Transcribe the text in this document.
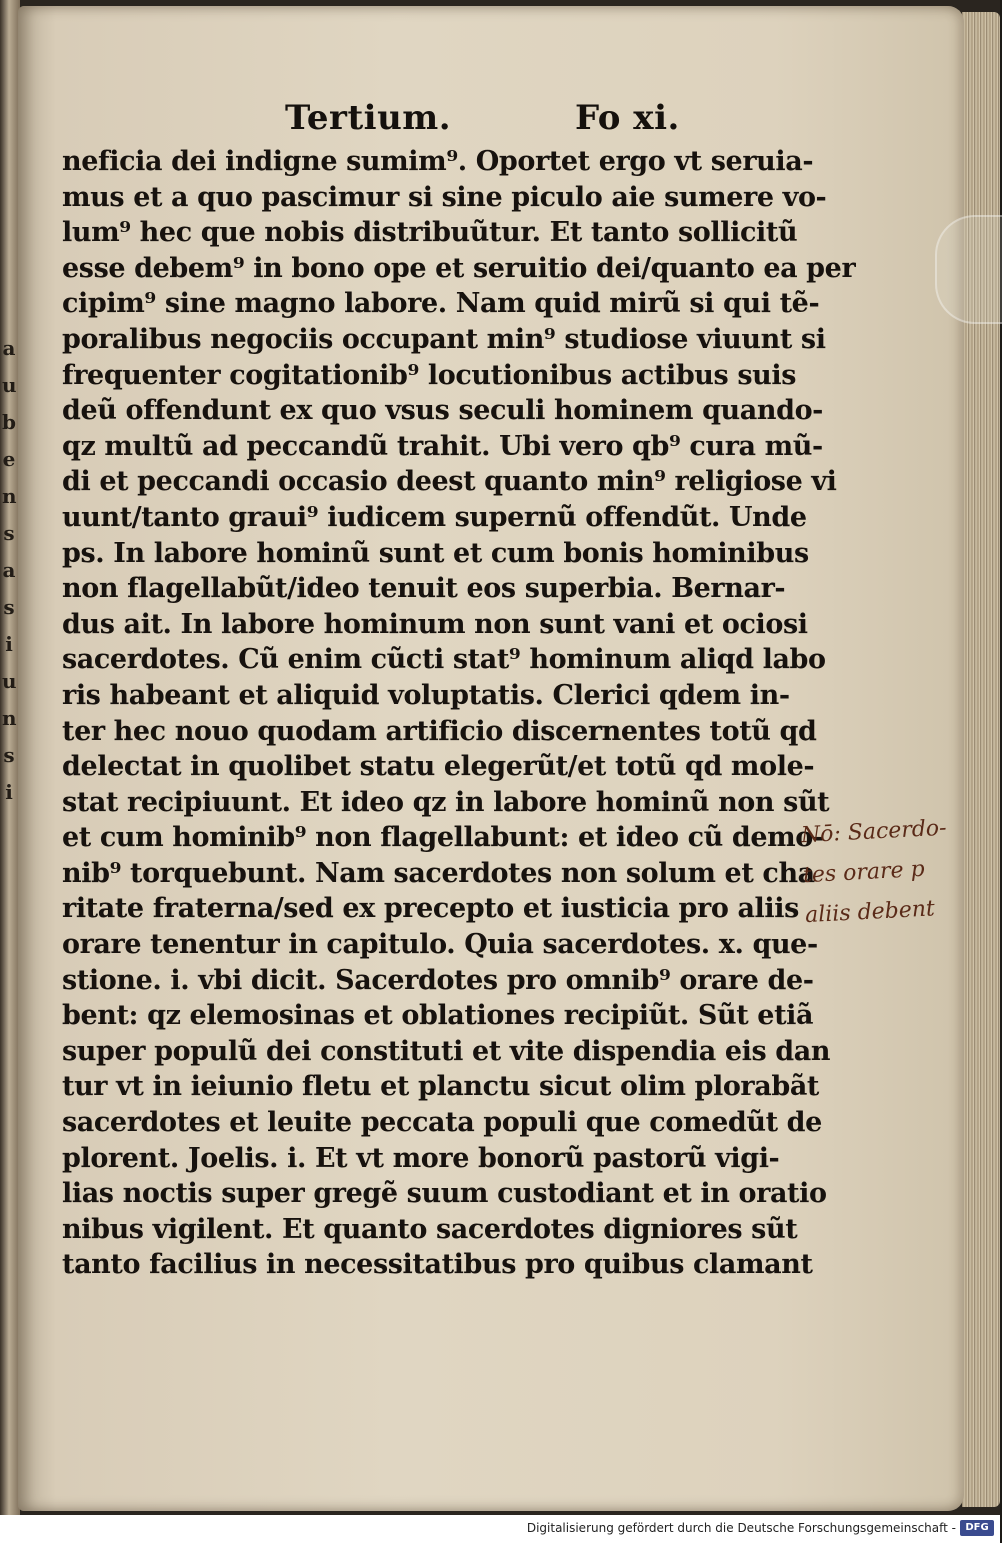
a u b e n s a s i u n s i
Tertium.	Fo xi.
neficia dei indigne sumim⁹. Oportet ergo vt seruia-
mus et a quo pascimur si sine piculo aie sumere vo-
lum⁹ hec que nobis distribuũtur. Et tanto sollicitũ
esse debem⁹ in bono ope et seruitio dei/quanto ea per
cipim⁹ sine magno labore. Nam quid mirũ si qui tẽ-
poralibus negociis occupant min⁹ studiose viuunt si
frequenter cogitationib⁹ locutionibus actibus suis
deũ offendunt ex quo vsus seculi hominem quando-
qz multũ ad peccandũ trahit. Ubi vero qb⁹ cura mũ-
di et peccandi occasio deest quanto min⁹ religiose vi
uunt/tanto graui⁹ iudicem supernũ offendũt. Unde
ps. In labore hominũ sunt et cum bonis hominibus
non flagellabũt/ideo tenuit eos superbia. Bernar-
dus ait. In labore hominum non sunt vani et ociosi
sacerdotes. Cũ enim cũcti stat⁹ hominum aliqd labo
ris habeant et aliquid voluptatis. Clerici qdem in-
ter hec nouo quodam artificio discernentes totũ qd
delectat in quolibet statu elegerũt/et totũ qd mole-
stat recipiuunt. Et ideo qz in labore hominũ non sũt
et cum hominib⁹ non flagellabunt: et ideo cũ demo-
nib⁹ torquebunt. Nam sacerdotes non solum et cha
ritate fraterna/sed ex precepto et iusticia pro aliis
orare tenentur in capitulo. Quia sacerdotes. x. que-
stione. i. vbi dicit. Sacerdotes pro omnib⁹ orare de-
bent: qz elemosinas et oblationes recipiũt. Sũt etiã
super populũ dei constituti et vite dispendia eis dan
tur vt in ieiunio fletu et planctu sicut olim plorabãt
sacerdotes et leuite peccata populi que comedũt de
plorent. Joelis. i. Et vt more bonorũ pastorũ vigi-
lias noctis super gregẽ suum custodiant et in oratio
nibus vigilent. Et quanto sacerdotes digniores sũt
tanto facilius in necessitatibus pro quibus clamant
Nō: Sacerdo-
tes orare p
aliis debent
Digitalisierung gefördert durch die Deutsche Forschungsgemeinschaft - DFG
